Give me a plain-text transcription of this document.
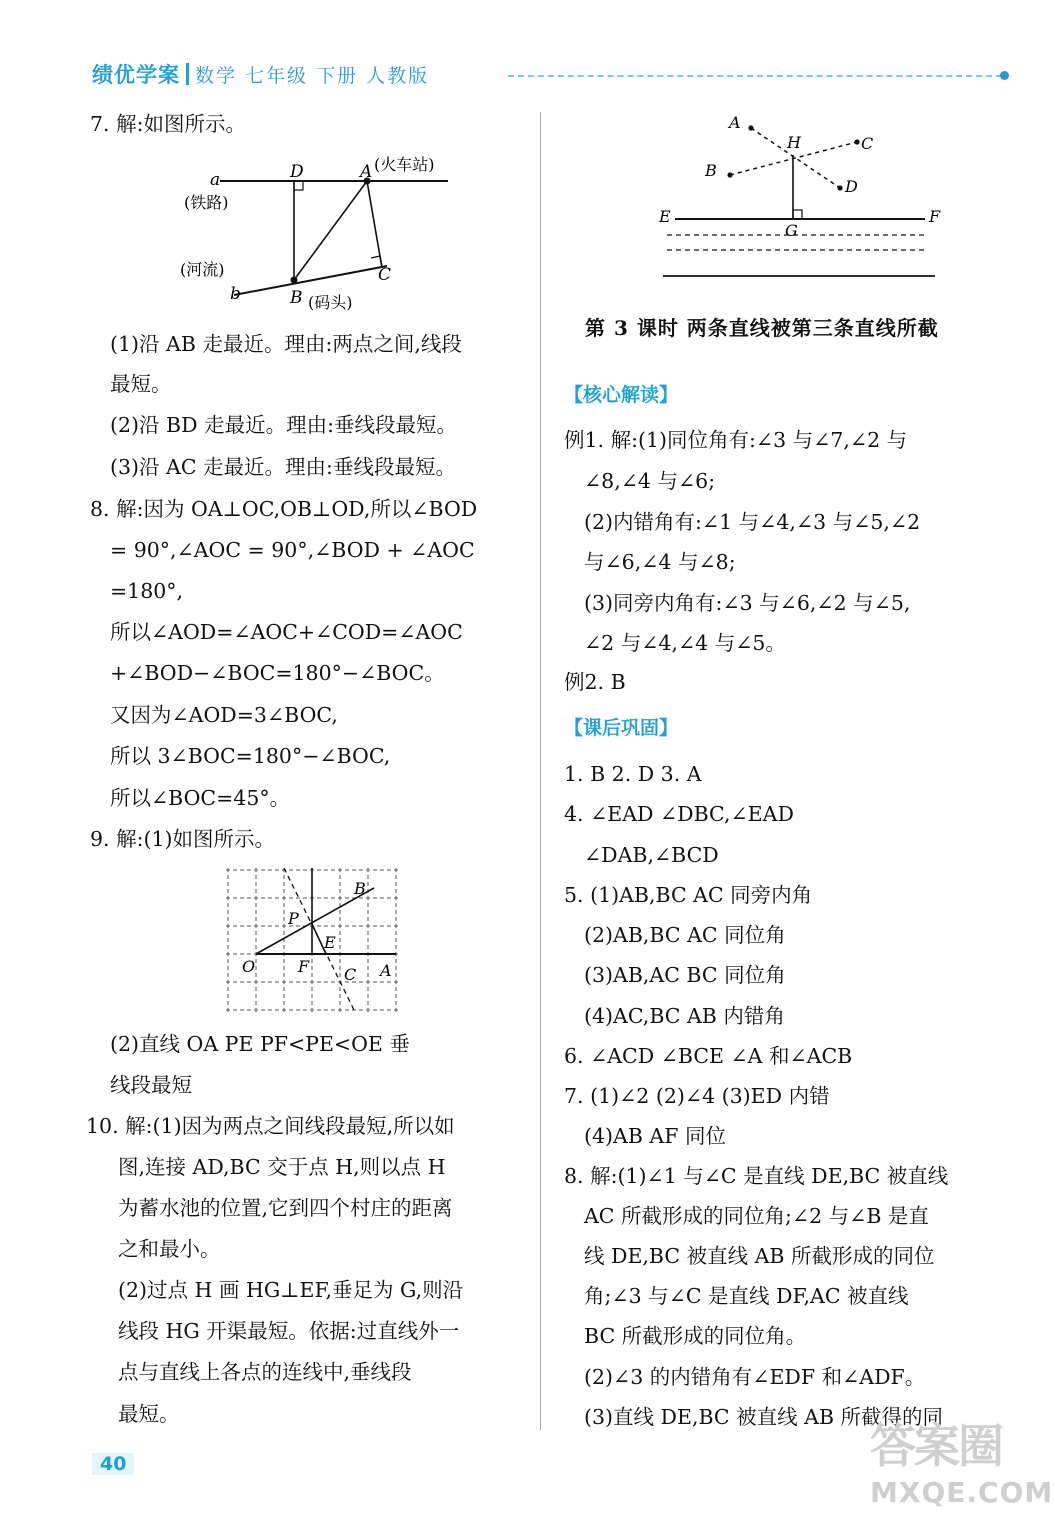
绩优学案 数学 七年级 下册 人教版
7. 解:如图所示。
a
(铁路)
D	A (火车站)
(河流)
b	B (码头)
C
(1)沿 AB 走最近。理由:两点之间,线段
最短。
(2)沿 BD 走最近。理由:垂线段最短。
(3)沿 AC 走最近。理由:垂线段最短。
8. 解:因为 OA⊥OC,OB⊥OD,所以∠BOD
= 90°,∠AOC = 90°,∠BOD + ∠AOC
=180°,
所以∠AOD=∠AOC+∠COD=∠AOC
+∠BOD−∠BOC=180°−∠BOC。
又因为∠AOD=3∠BOC,
所以 3∠BOC=180°−∠BOC,
所以∠BOC=45°。
9. 解:(1)如图所示。
O	F
P
E
B
C A
(2)直线 OA PE PF<PE<OE 垂
线段最短
10. 解:(1)因为两点之间线段最短,所以如
图,连接 AD,BC 交于点 H,则以点 H
为蓄水池的位置,它到四个村庄的距离
之和最小。
(2)过点 H 画 HG⊥EF,垂足为 G,则沿
线段 HG 开渠最短。依据:过直线外一
点与直线上各点的连线中,垂线段
最短。
A
H	C
B
D
E
G
F
第 3 课时 两条直线被第三条直线所截
【核心解读】
例1. 解:(1)同位角有:∠3 与∠7,∠2 与
∠8,∠4 与∠6;
(2)内错角有:∠1 与∠4,∠3 与∠5,∠2
与∠6,∠4 与∠8;
(3)同旁内角有:∠3 与∠6,∠2 与∠5,
∠2 与∠4,∠4 与∠5。
例2. B
【课后巩固】
1. B 2. D 3. A
4. ∠EAD ∠DBC,∠EAD
∠DAB,∠BCD
5. (1)AB,BC AC 同旁内角
(2)AB,BC AC 同位角
(3)AB,AC BC 同位角
(4)AC,BC AB 内错角
6. ∠ACD ∠BCE ∠A 和∠ACB
7. (1)∠2 (2)∠4 (3)ED 内错
(4)AB AF 同位
8. 解:(1)∠1 与∠C 是直线 DE,BC 被直线
AC 所截形成的同位角;∠2 与∠B 是直
线 DE,BC 被直线 AB 所截形成的同位
角;∠3 与∠C 是直线 DF,AC 被直线
BC 所截形成的同位角。
(2)∠3 的内错角有∠EDF 和∠ADF。
(3)直线 DE,BC 被直线 AB 所截得的同
40	答案圈
MXQE.COM
